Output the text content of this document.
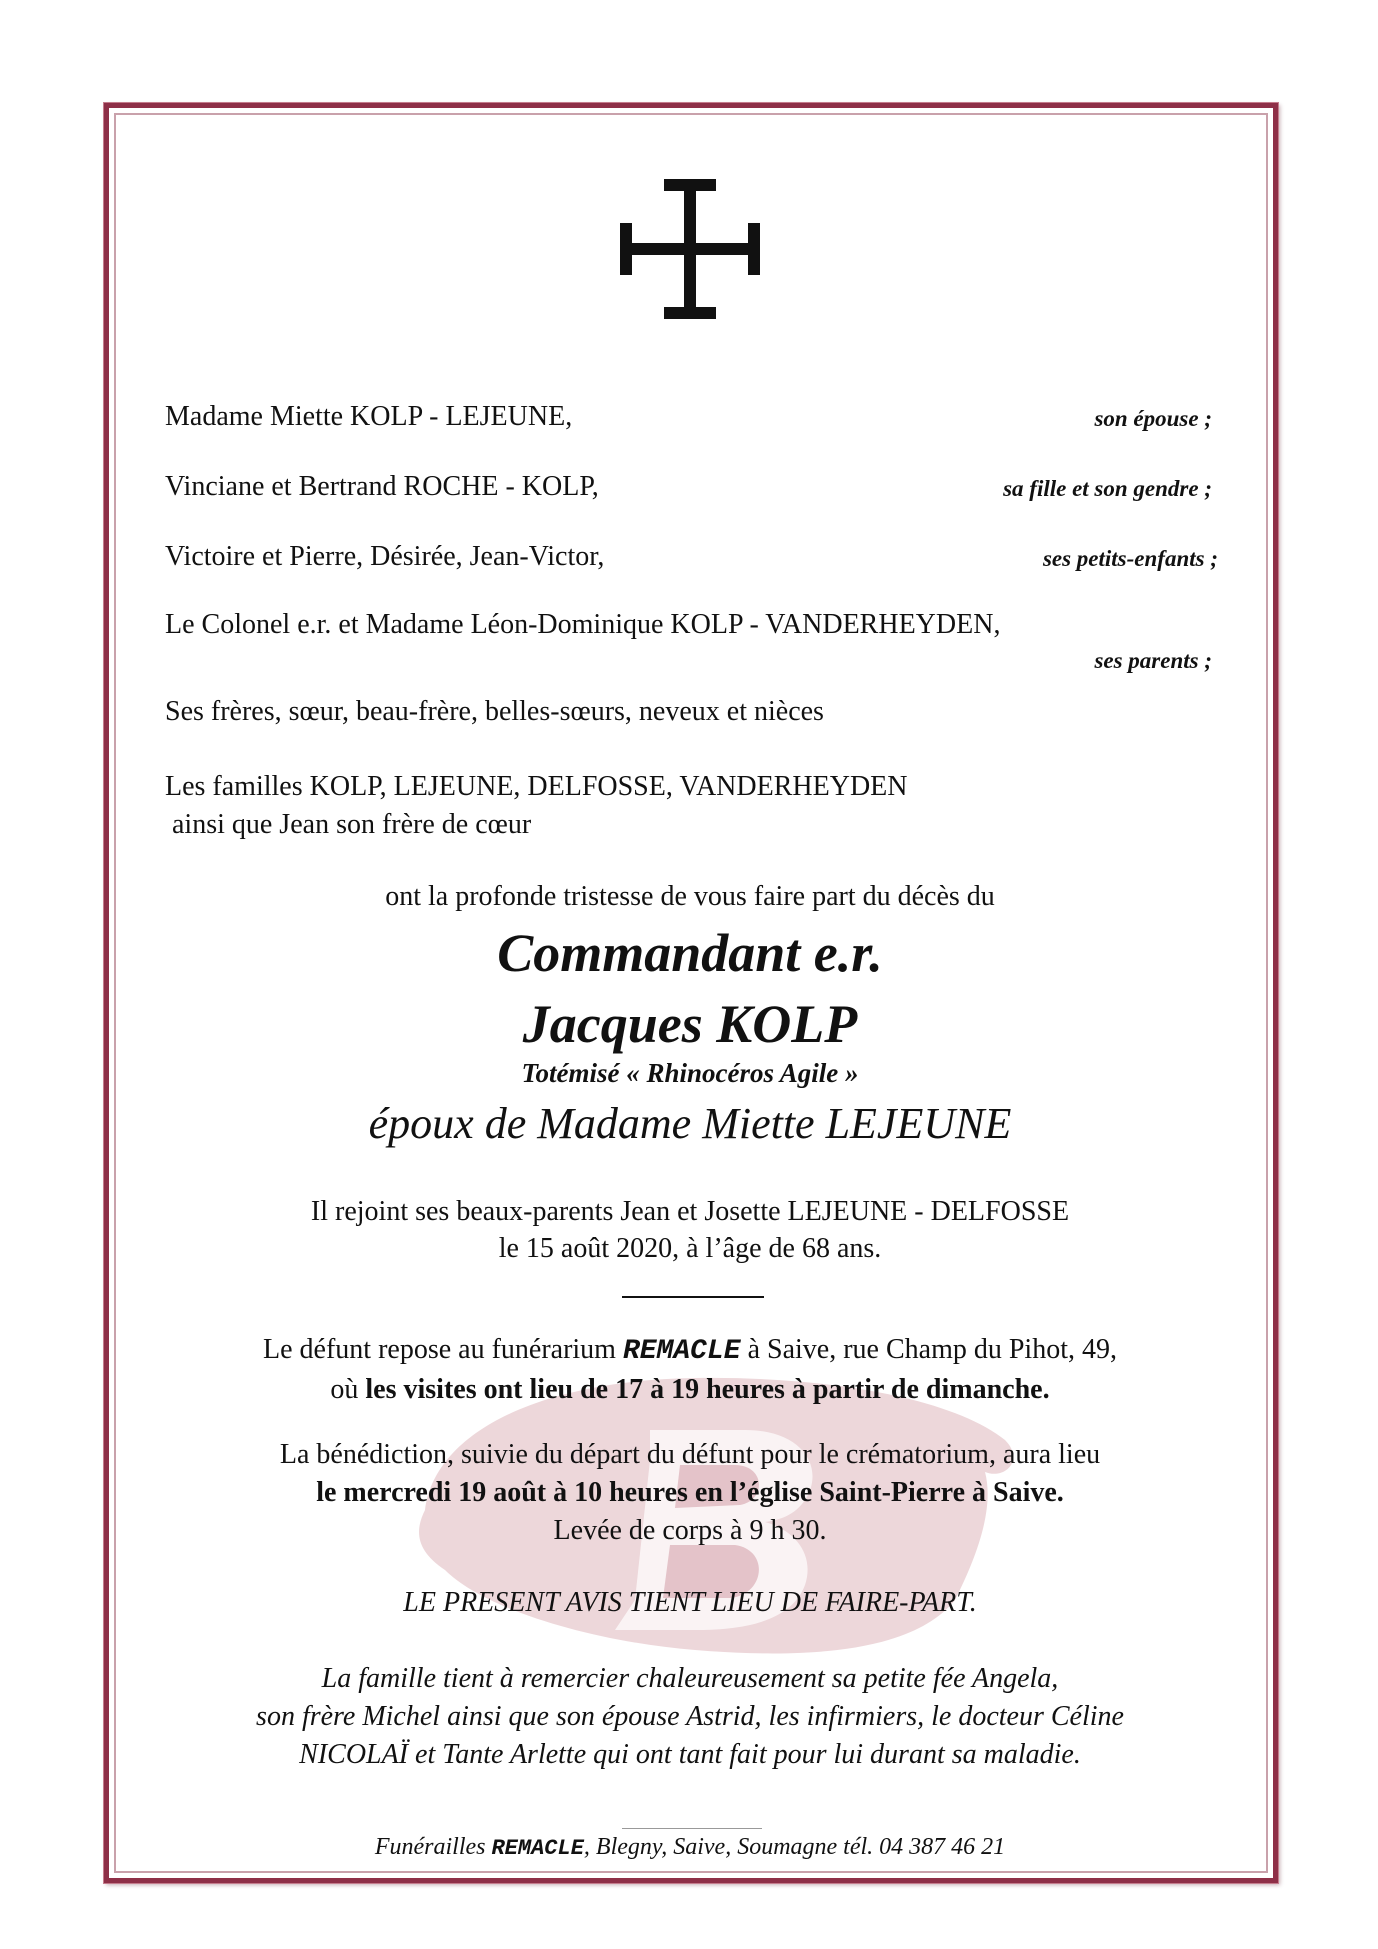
Madame Miette KOLP - LEJEUNE,	son épouse ;
Vinciane et Bertrand ROCHE - KOLP,	sa fille et son gendre ;
Victoire et Pierre, Désirée, Jean-Victor,	ses petits-enfants ;
Le Colonel e.r. et Madame Léon-Dominique KOLP - VANDERHEYDEN,
ses parents ;
Ses frères, sœur, beau-frère, belles-sœurs, neveux et nièces
Les familles KOLP, LEJEUNE, DELFOSSE, VANDERHEYDEN
ainsi que Jean son frère de cœur
ont la profonde tristesse de vous faire part du décès du
Commandant e.r.
Jacques KOLP
Totémisé « Rhinocéros Agile »
époux de Madame Miette LEJEUNE
Il rejoint ses beaux-parents Jean et Josette LEJEUNE - DELFOSSE
le 15 août 2020, à l’âge de 68 ans.
Le défunt repose au funérarium REMACLE à Saive, rue Champ du Pihot, 49,
où les visites ont lieu de 17 à 19 heures à partir de dimanche.
La bénédiction, suivie du départ du défunt pour le crématorium, aura lieu
le mercredi 19 août à 10 heures en l’église Saint-Pierre à Saive.
Levée de corps à 9 h 30.
LE PRESENT AVIS TIENT LIEU DE FAIRE-PART.
La famille tient à remercier chaleureusement sa petite fée Angela,
son frère Michel ainsi que son épouse Astrid, les infirmiers, le docteur Céline
NICOLAÏ et Tante Arlette qui ont tant fait pour lui durant sa maladie.
Funérailles REMACLE, Blegny, Saive, Soumagne tél. 04 387 46 21
